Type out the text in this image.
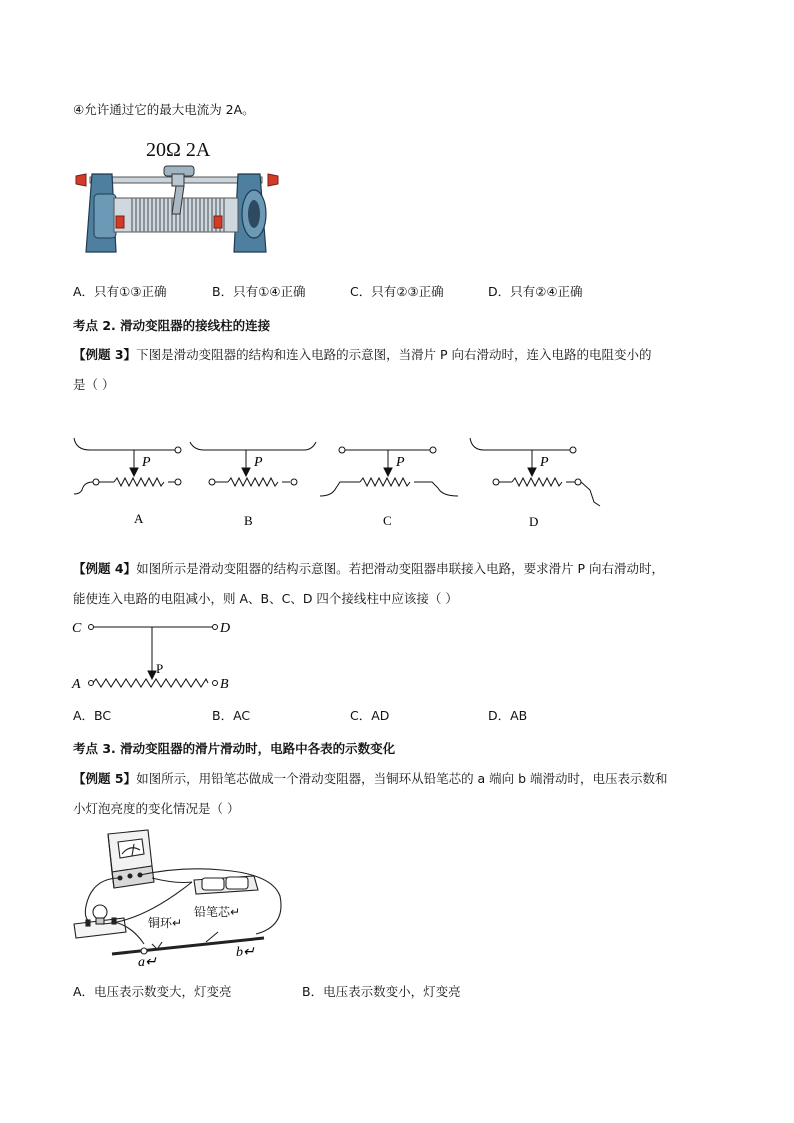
④允许通过它的最大电流为 2A。
20Ω 2A
A．只有①③正确	B．只有①④正确	C．只有②③正确	D．只有②④正确
考点 2. 滑动变阻器的接线柱的连接
【例题 3】下图是滑动变阻器的结构和连入电路的示意图，当滑片 P 向右滑动时，连入电路的电阻变小的
是（ ）
P	P	P	P
A	B	C	D
【例题 4】如图所示是滑动变阻器的结构示意图。若把滑动变阻器串联接入电路，要求滑片 P 向右滑动时，
能使连入电路的电阻减小，则 A、B、C、D 四个接线柱中应该接（ ）
C	D
P
A	B
A．BC	B．AC	C．AD	D．AB
考点 3. 滑动变阻器的滑片滑动时，电路中各表的示数变化
【例题 5】如图所示，用铅笔芯做成一个滑动变阻器，当铜环从铅笔芯的 a 端向 b 端滑动时，电压表示数和
小灯泡亮度的变化情况是（ ）
铜环↵
铅笔芯↵
a↵
b↵
A．电压表示数变大，灯变亮	B．电压表示数变小，灯变亮
